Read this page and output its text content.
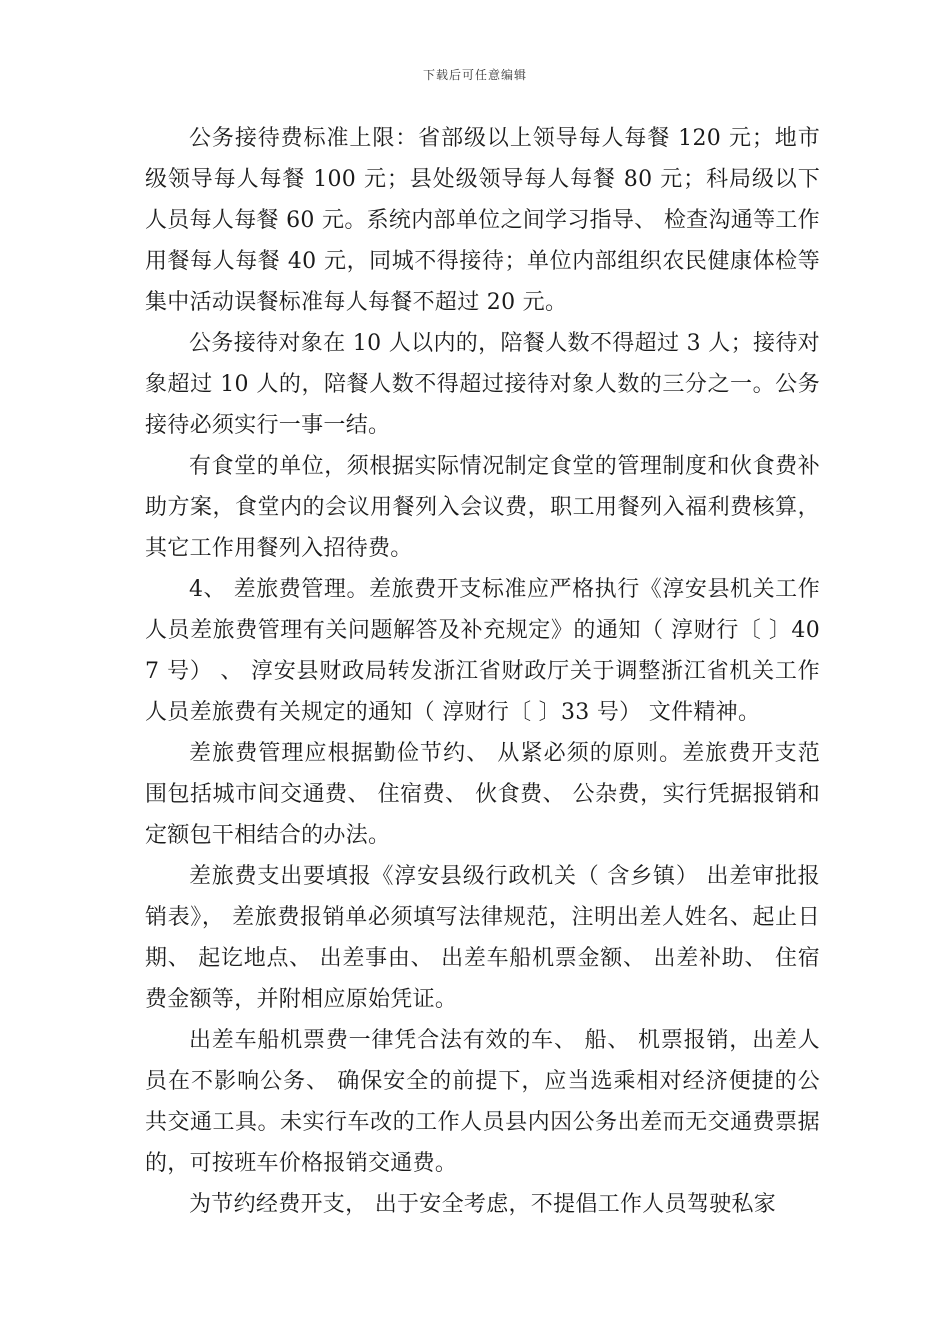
下载后可任意编辑

公务接待费标准上限：省部级以上领导每人每餐 120 元；地市级领导每人每餐 100 元；县处级领导每人每餐 80 元；科局级以下人员每人每餐 60 元。系统内部单位之间学习指导、 检查沟通等工作用餐每人每餐 40 元，同城不得接待；单位内部组织农民健康体检等集中活动误餐标准每人每餐不超过 20 元。

公务接待对象在 10 人以内的，陪餐人数不得超过 3 人；接待对象超过 10 人的，陪餐人数不得超过接待对象人数的三分之一。公务接待必须实行一事一结。

有食堂的单位，须根据实际情况制定食堂的管理制度和伙食费补助方案，食堂内的会议用餐列入会议费，职工用餐列入福利费核算，其它工作用餐列入招待费。

4、 差旅费管理。差旅费开支标准应严格执行《淳安县机关工作人员差旅费管理有关问题解答及补充规定》的通知（ 淳财行〔 〕407 号） 、 淳安县财政局转发浙江省财政厅关于调整浙江省机关工作人员差旅费有关规定的通知（ 淳财行〔 〕33 号） 文件精神。

差旅费管理应根据勤俭节约、 从紧必须的原则。差旅费开支范围包括城市间交通费、 住宿费、 伙食费、 公杂费，实行凭据报销和定额包干相结合的办法。

差旅费支出要填报《淳安县级行政机关（ 含乡镇） 出差审批报销表》， 差旅费报销单必须填写法律规范，注明出差人姓名、起止日期、 起讫地点、 出差事由、 出差车船机票金额、 出差补助、 住宿费金额等，并附相应原始凭证。

出差车船机票费一律凭合法有效的车、 船、 机票报销，出差人员在不影响公务、 确保安全的前提下，应当选乘相对经济便捷的公共交通工具。未实行车改的工作人员县内因公务出差而无交通费票据的，可按班车价格报销交通费。

为节约经费开支， 出于安全考虑，不提倡工作人员驾驶私家
